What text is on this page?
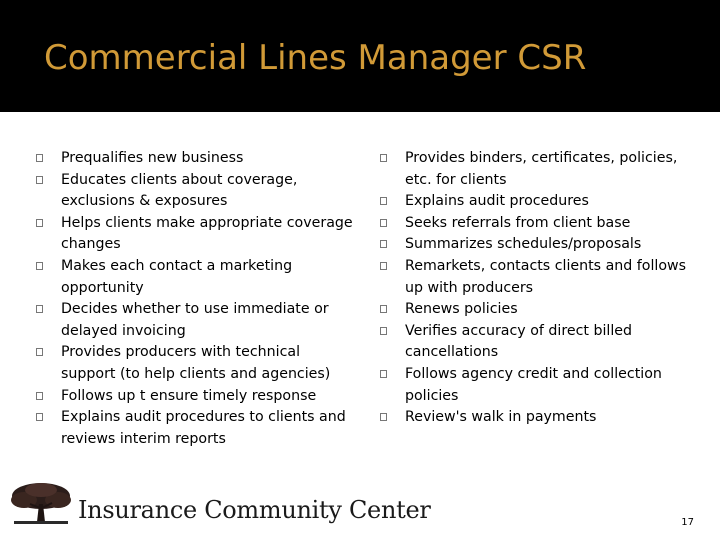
Commercial Lines Manager CSR
Prequalifies new business
Educates clients about coverage, exclusions & exposures
Helps clients make appropriate coverage changes
Makes each contact a marketing opportunity
Decides whether to use immediate or delayed invoicing
Provides producers with technical support (to help clients and agencies)
Follows up t ensure timely response
Explains audit procedures to clients and reviews interim reports
Provides binders, certificates, policies, etc. for clients
Explains audit procedures
Seeks referrals from client base
Summarizes schedules/proposals
Remarkets, contacts clients and follows up with producers
Renews policies
Verifies accuracy of direct billed cancellations
Follows agency credit and collection policies
Review's walk in payments
Insurance Community Center	17
